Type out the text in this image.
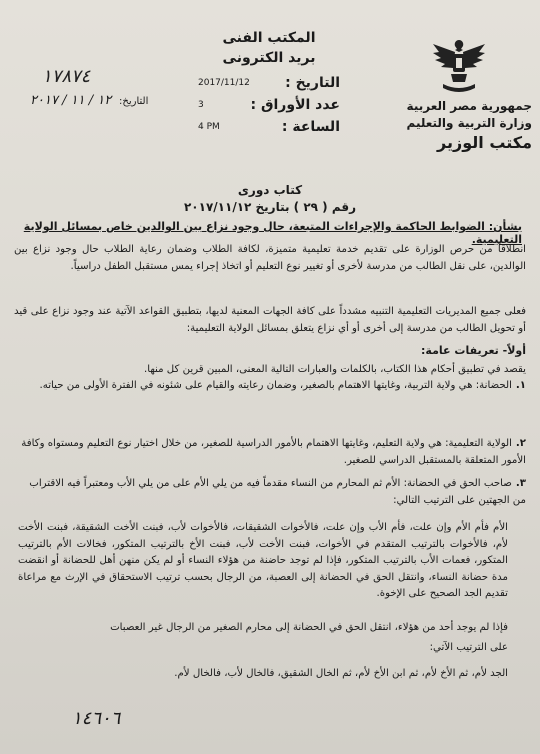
جمهورية مصر العربية
وزارة التربية والتعليم
مكتب الوزير
المكتب الفنى
بريد الكترونى
التاريخ :
2017/11/12
عدد الأوراق :
3
الساعة :
4 PM
١٧٨٧٤
التاريخ: ١٢ / ١١ / ٢٠١٧
كتاب دورى
رقم ( ٢٩ ) بتاريخ ٢٠١٧/١١/١٢
بشأن: الضوابط الحاكمة والإجراءات المتبعة، حال وجود نزاع بين الوالدين خاص بمسائل الولاية التعليمية.
انطلاقاً من حرص الوزارة على تقديم خدمة تعليمية متميزة، لكافة الطلاب وضمان رعاية الطلاب حال وجود نزاع بين الوالدين، على نقل الطالب من مدرسة لأخرى أو تغيير نوع التعليم أو اتخاذ إجراء يمس مستقبل الطفل دراسياً.
فعلى جميع المديريات التعليمية التنبيه مشدداً على كافة الجهات المعنية لديها، بتطبيق القواعد الآتية عند وجود نزاع على قيد أو تحويل الطالب من مدرسة إلى أخرى أو أي نزاع يتعلق بمسائل الولاية التعليمية:
أولاً- تعريفات عامة:
يقصد في تطبيق أحكام هذا الكتاب، بالكلمات والعبارات التالية المعنى، المبين قرين كل منها.
١.الحضانة: هي ولاية التربية، وغايتها الاهتمام بالصغير، وضمان رعايته والقيام على شئونه في الفترة الأولى من حياته.
٢.الولاية التعليمية: هي ولاية التعليم، وغايتها الاهتمام بالأمور الدراسية للصغير، من خلال اختيار نوع التعليم ومستواه وكافة الأمور المتعلقة بالمستقبل الدراسي للصغير.
٣.صاحب الحق في الحضانة: الأم ثم المحارم من النساء مقدماً فيه من يلي الأم على من يلي الأب ومعتبراً فيه الاقتراب من الجهتين على الترتيب التالي:
الأم فأم الأم وإن علت، فأم الأب وإن علت، فالأخوات الشقيقات، فالأخوات لأب، فبنت الأخت الشقيقة، فبنت الأخت لأم، فالأخوات بالترتيب المتقدم في الأخوات، فبنت الأخت لأب، فبنت الأخ بالترتيب المتكور، فخالات الأم بالترتيب المتكور، فعمات الأب بالترتيب المتكور، فإذا لم توجد حاضنة من هؤلاء النساء أو لم يكن منهن أهل للحضانة أو انقضت مدة حضانة النساء، وانتقل الحق في الحضانة إلى العصبة، من الرجال بحسب ترتيب الاستحقاق في الإرث مع مراعاة تقديم الجد الصحيح على الإخوة.
فإذا لم يوجد أحد من هؤلاء، انتقل الحق في الحضانة إلى محارم الصغير من الرجال غير العصبات
على الترتيب الآتي:
الجد لأم، ثم الأخ لأم، ثم ابن الأخ لأم، ثم الخال الشقيق، فالخال لأب، فالخال لأم.
١٤٦٠٦
